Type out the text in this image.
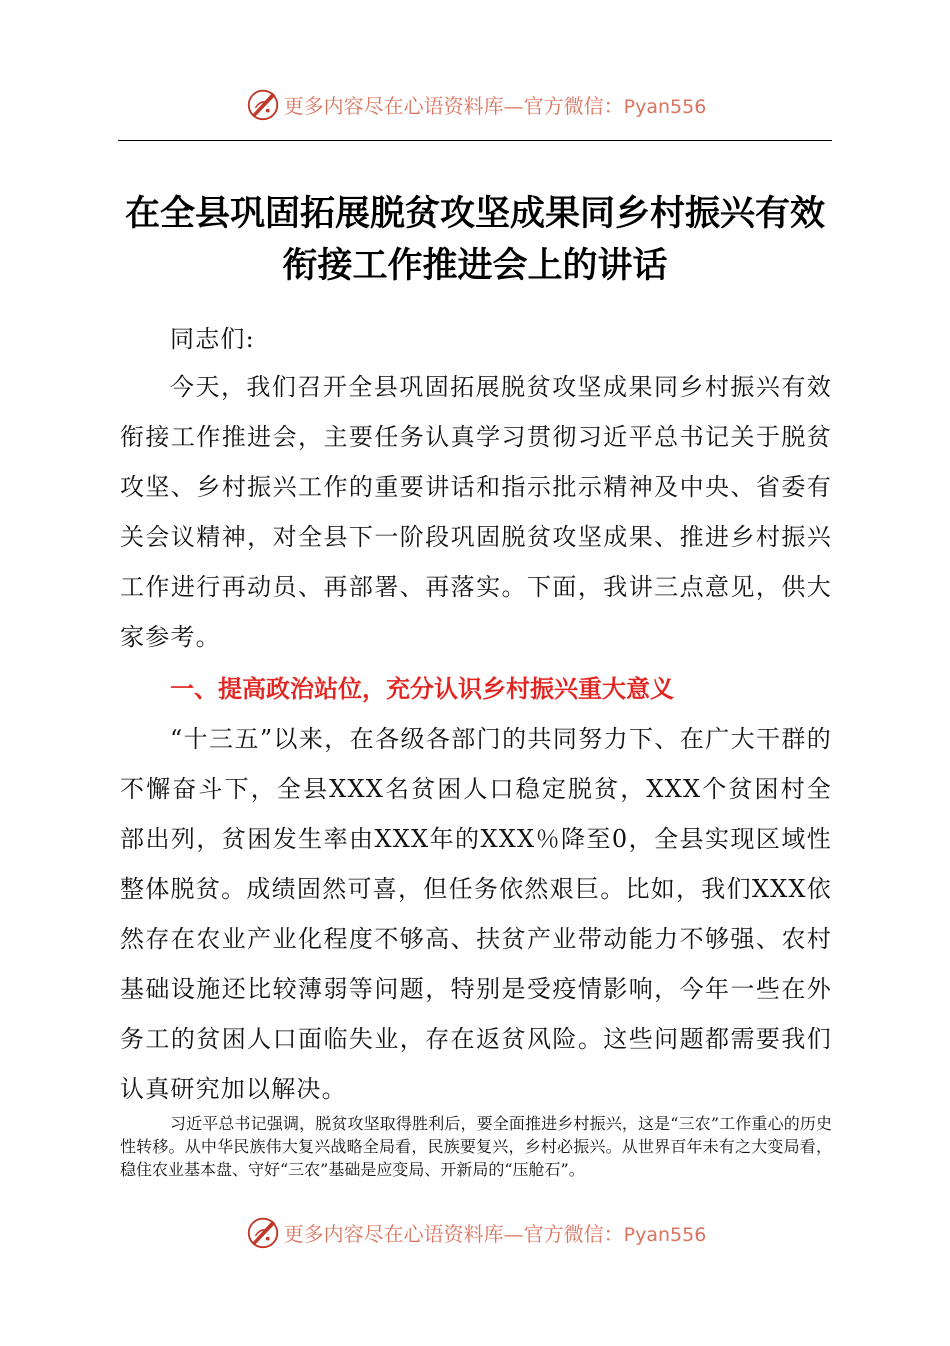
更多内容尽在心语资料库—官方微信：Pyan556
在全县巩固拓展脱贫攻坚成果同乡村振兴有效衔接工作推进会上的讲话
同志们:
今天，我们召开全县巩固拓展脱贫攻坚成果同乡村振兴有效衔接工作推进会，主要任务认真学习贯彻习近平总书记关于脱贫攻坚、乡村振兴工作的重要讲话和指示批示精神及中央、省委有关会议精神，对全县下一阶段巩固脱贫攻坚成果、推进乡村振兴工作进行再动员、再部署、再落实。下面，我讲三点意见，供大家参考。
一、提高政治站位，充分认识乡村振兴重大意义
“十三五”以来，在各级各部门的共同努力下、在广大干群的不懈奋斗下，全县XXX名贫困人口稳定脱贫，XXX个贫困村全部出列，贫困发生率由XXX年的XXX％降至0，全县实现区域性整体脱贫。成绩固然可喜，但任务依然艰巨。比如，我们XXX依然存在农业产业化程度不够高、扶贫产业带动能力不够强、农村基础设施还比较薄弱等问题，特别是受疫情影响，今年一些在外务工的贫困人口面临失业，存在返贫风险。这些问题都需要我们认真研究加以解决。
习近平总书记强调，脱贫攻坚取得胜利后，要全面推进乡村振兴，这是“三农”工作重心的历史性转移。从中华民族伟大复兴战略全局看，民族要复兴，乡村必振兴。从世界百年未有之大变局看，稳住农业基本盘、守好“三农”基础是应变局、开新局的“压舱石”。
更多内容尽在心语资料库—官方微信：Pyan556
